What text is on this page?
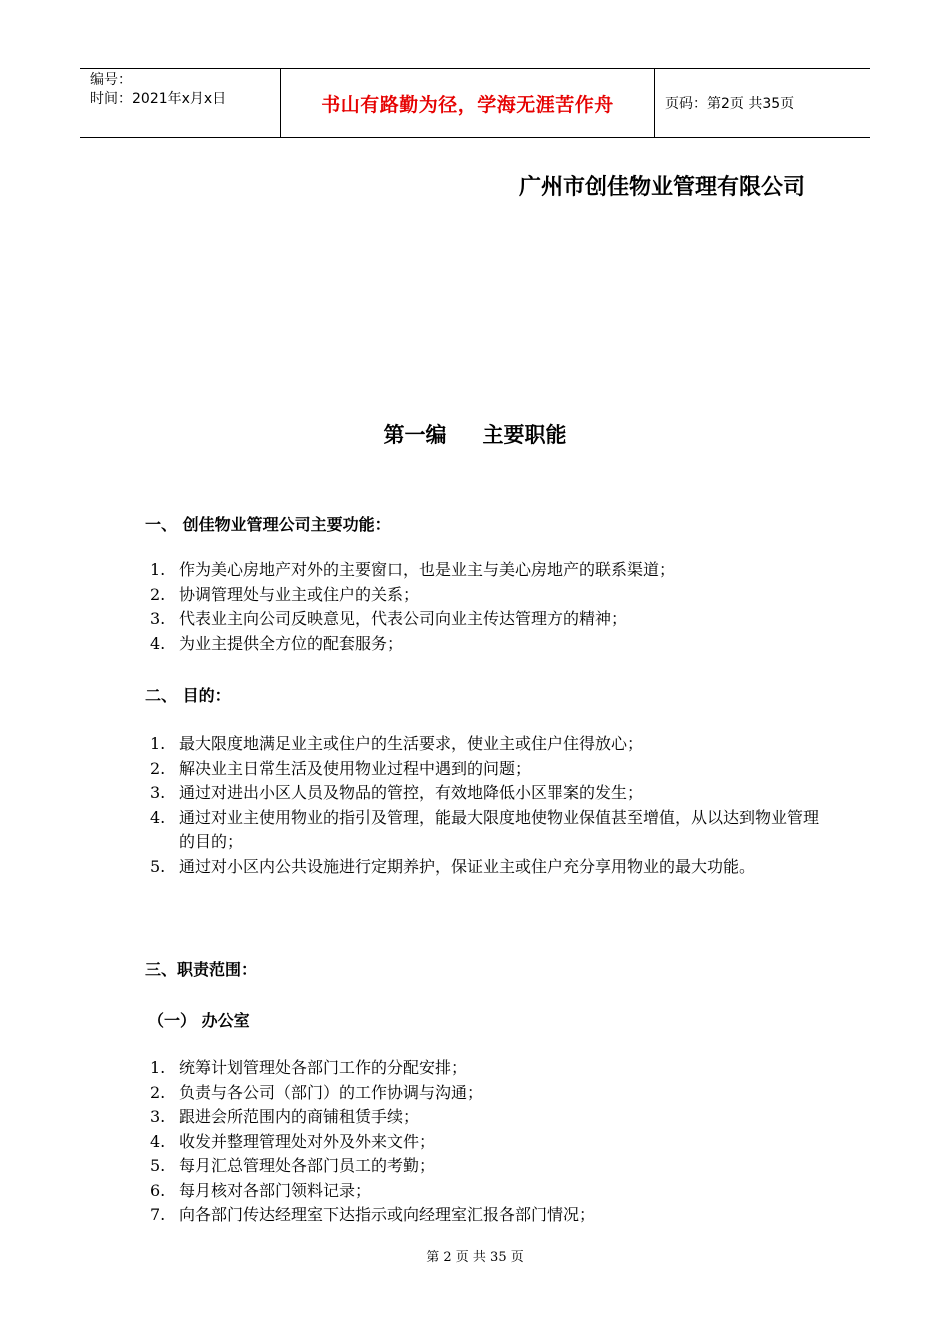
编号：
时间：2021年x月x日	书山有路勤为径，学海无涯苦作舟	页码：第2页 共35页
广州市创佳物业管理有限公司
第一编 主要职能
一、 创佳物业管理公司主要功能：
1. 作为美心房地产对外的主要窗口，也是业主与美心房地产的联系渠道；
2. 协调管理处与业主或住户的关系；
3. 代表业主向公司反映意见，代表公司向业主传达管理方的精神；
4. 为业主提供全方位的配套服务；
二、 目的：
1. 最大限度地满足业主或住户的生活要求，使业主或住户住得放心；
2. 解决业主日常生活及使用物业过程中遇到的问题；
3. 通过对进出小区人员及物品的管控，有效地降低小区罪案的发生；
4. 通过对业主使用物业的指引及管理，能最大限度地使物业保值甚至增值，从以达到物业管理的目的；
5. 通过对小区内公共设施进行定期养护，保证业主或住户充分享用物业的最大功能。
三、职责范围：
（一） 办公室
1. 统筹计划管理处各部门工作的分配安排；
2. 负责与各公司（部门）的工作协调与沟通；
3. 跟进会所范围内的商铺租赁手续；
4. 收发并整理管理处对外及外来文件；
5. 每月汇总管理处各部门员工的考勤；
6. 每月核对各部门领料记录；
7. 向各部门传达经理室下达指示或向经理室汇报各部门情况；
第 2 页 共 35 页
